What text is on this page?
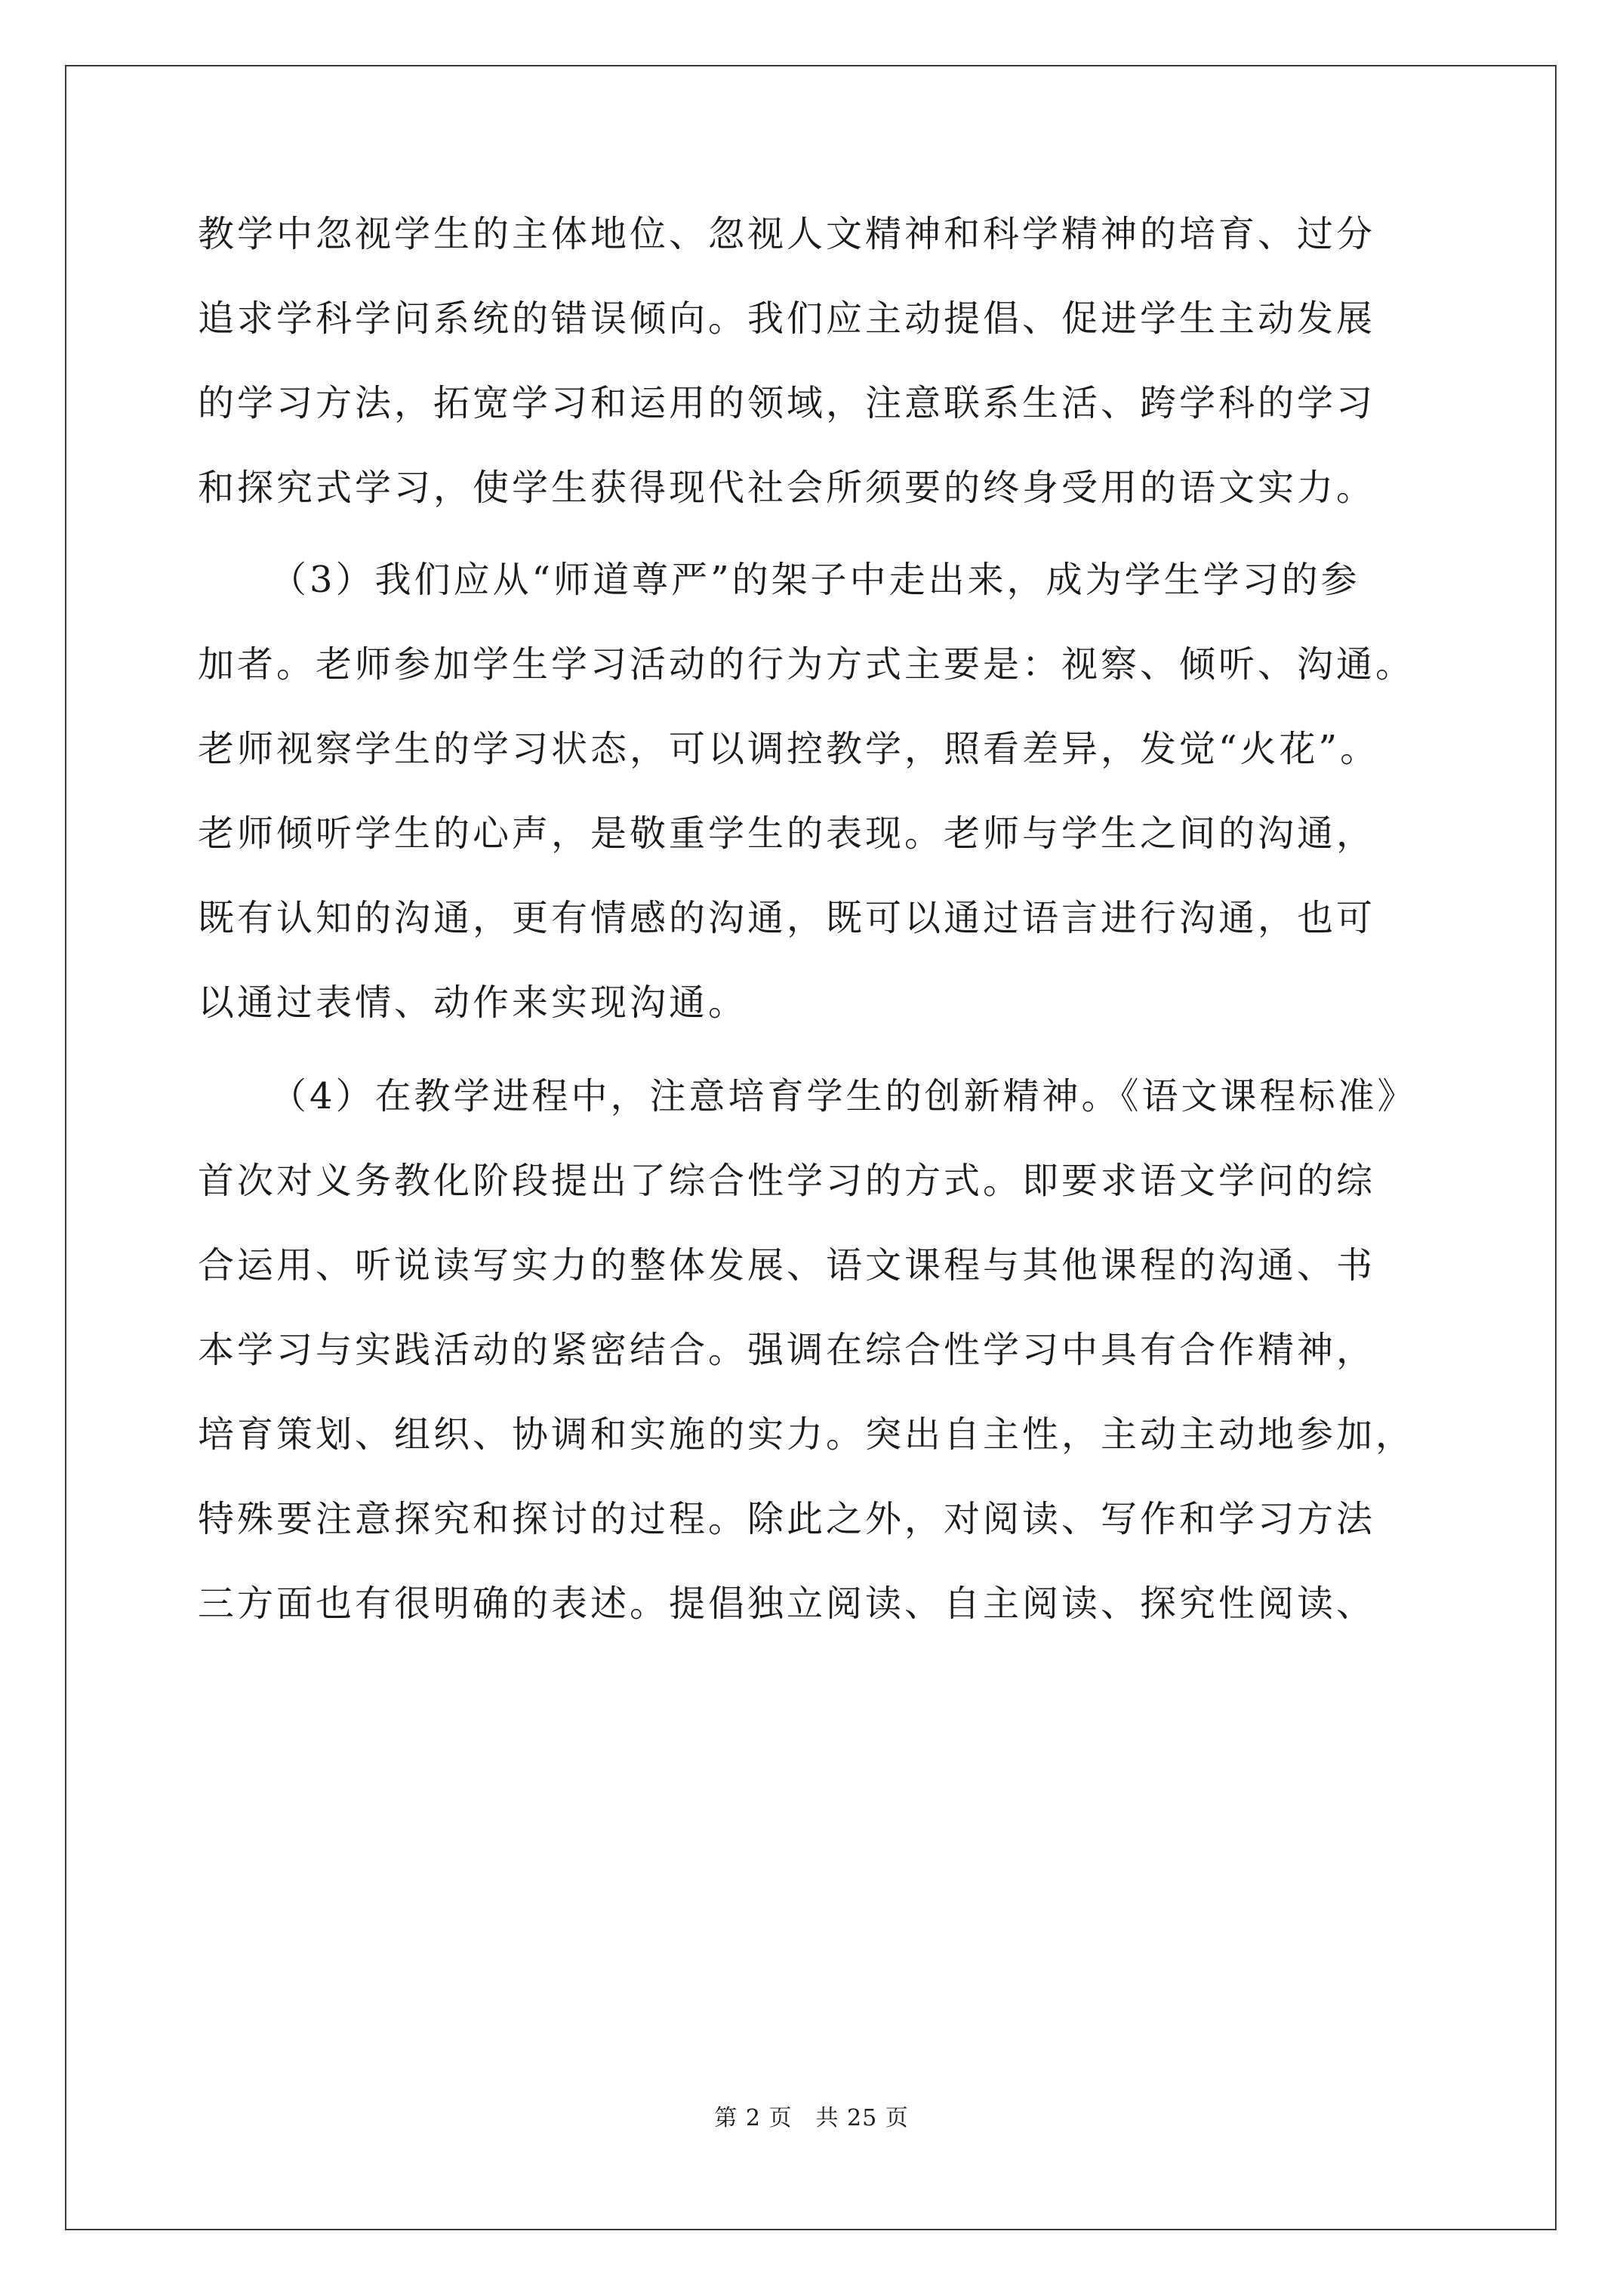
教学中忽视学生的主体地位、忽视人文精神和科学精神的培育、过分
追求学科学问系统的错误倾向。我们应主动提倡、促进学生主动发展
的学习方法，拓宽学习和运用的领域，注意联系生活、跨学科的学习
和探究式学习，使学生获得现代社会所须要的终身受用的语文实力。
（3）我们应从“师道尊严”的架子中走出来，成为学生学习的参
加者。老师参加学生学习活动的行为方式主要是：视察、倾听、沟通。
老师视察学生的学习状态，可以调控教学，照看差异，发觉“火花”。
老师倾听学生的心声，是敬重学生的表现。老师与学生之间的沟通，
既有认知的沟通，更有情感的沟通，既可以通过语言进行沟通，也可
以通过表情、动作来实现沟通。
（4）在教学进程中，注意培育学生的创新精神。《语文课程标准》
首次对义务教化阶段提出了综合性学习的方式。即要求语文学问的综
合运用、听说读写实力的整体发展、语文课程与其他课程的沟通、书
本学习与实践活动的紧密结合。强调在综合性学习中具有合作精神，
培育策划、组织、协调和实施的实力。突出自主性，主动主动地参加，
特殊要注意探究和探讨的过程。除此之外，对阅读、写作和学习方法
三方面也有很明确的表述。提倡独立阅读、自主阅读、探究性阅读、
第 2 页　共 25 页
